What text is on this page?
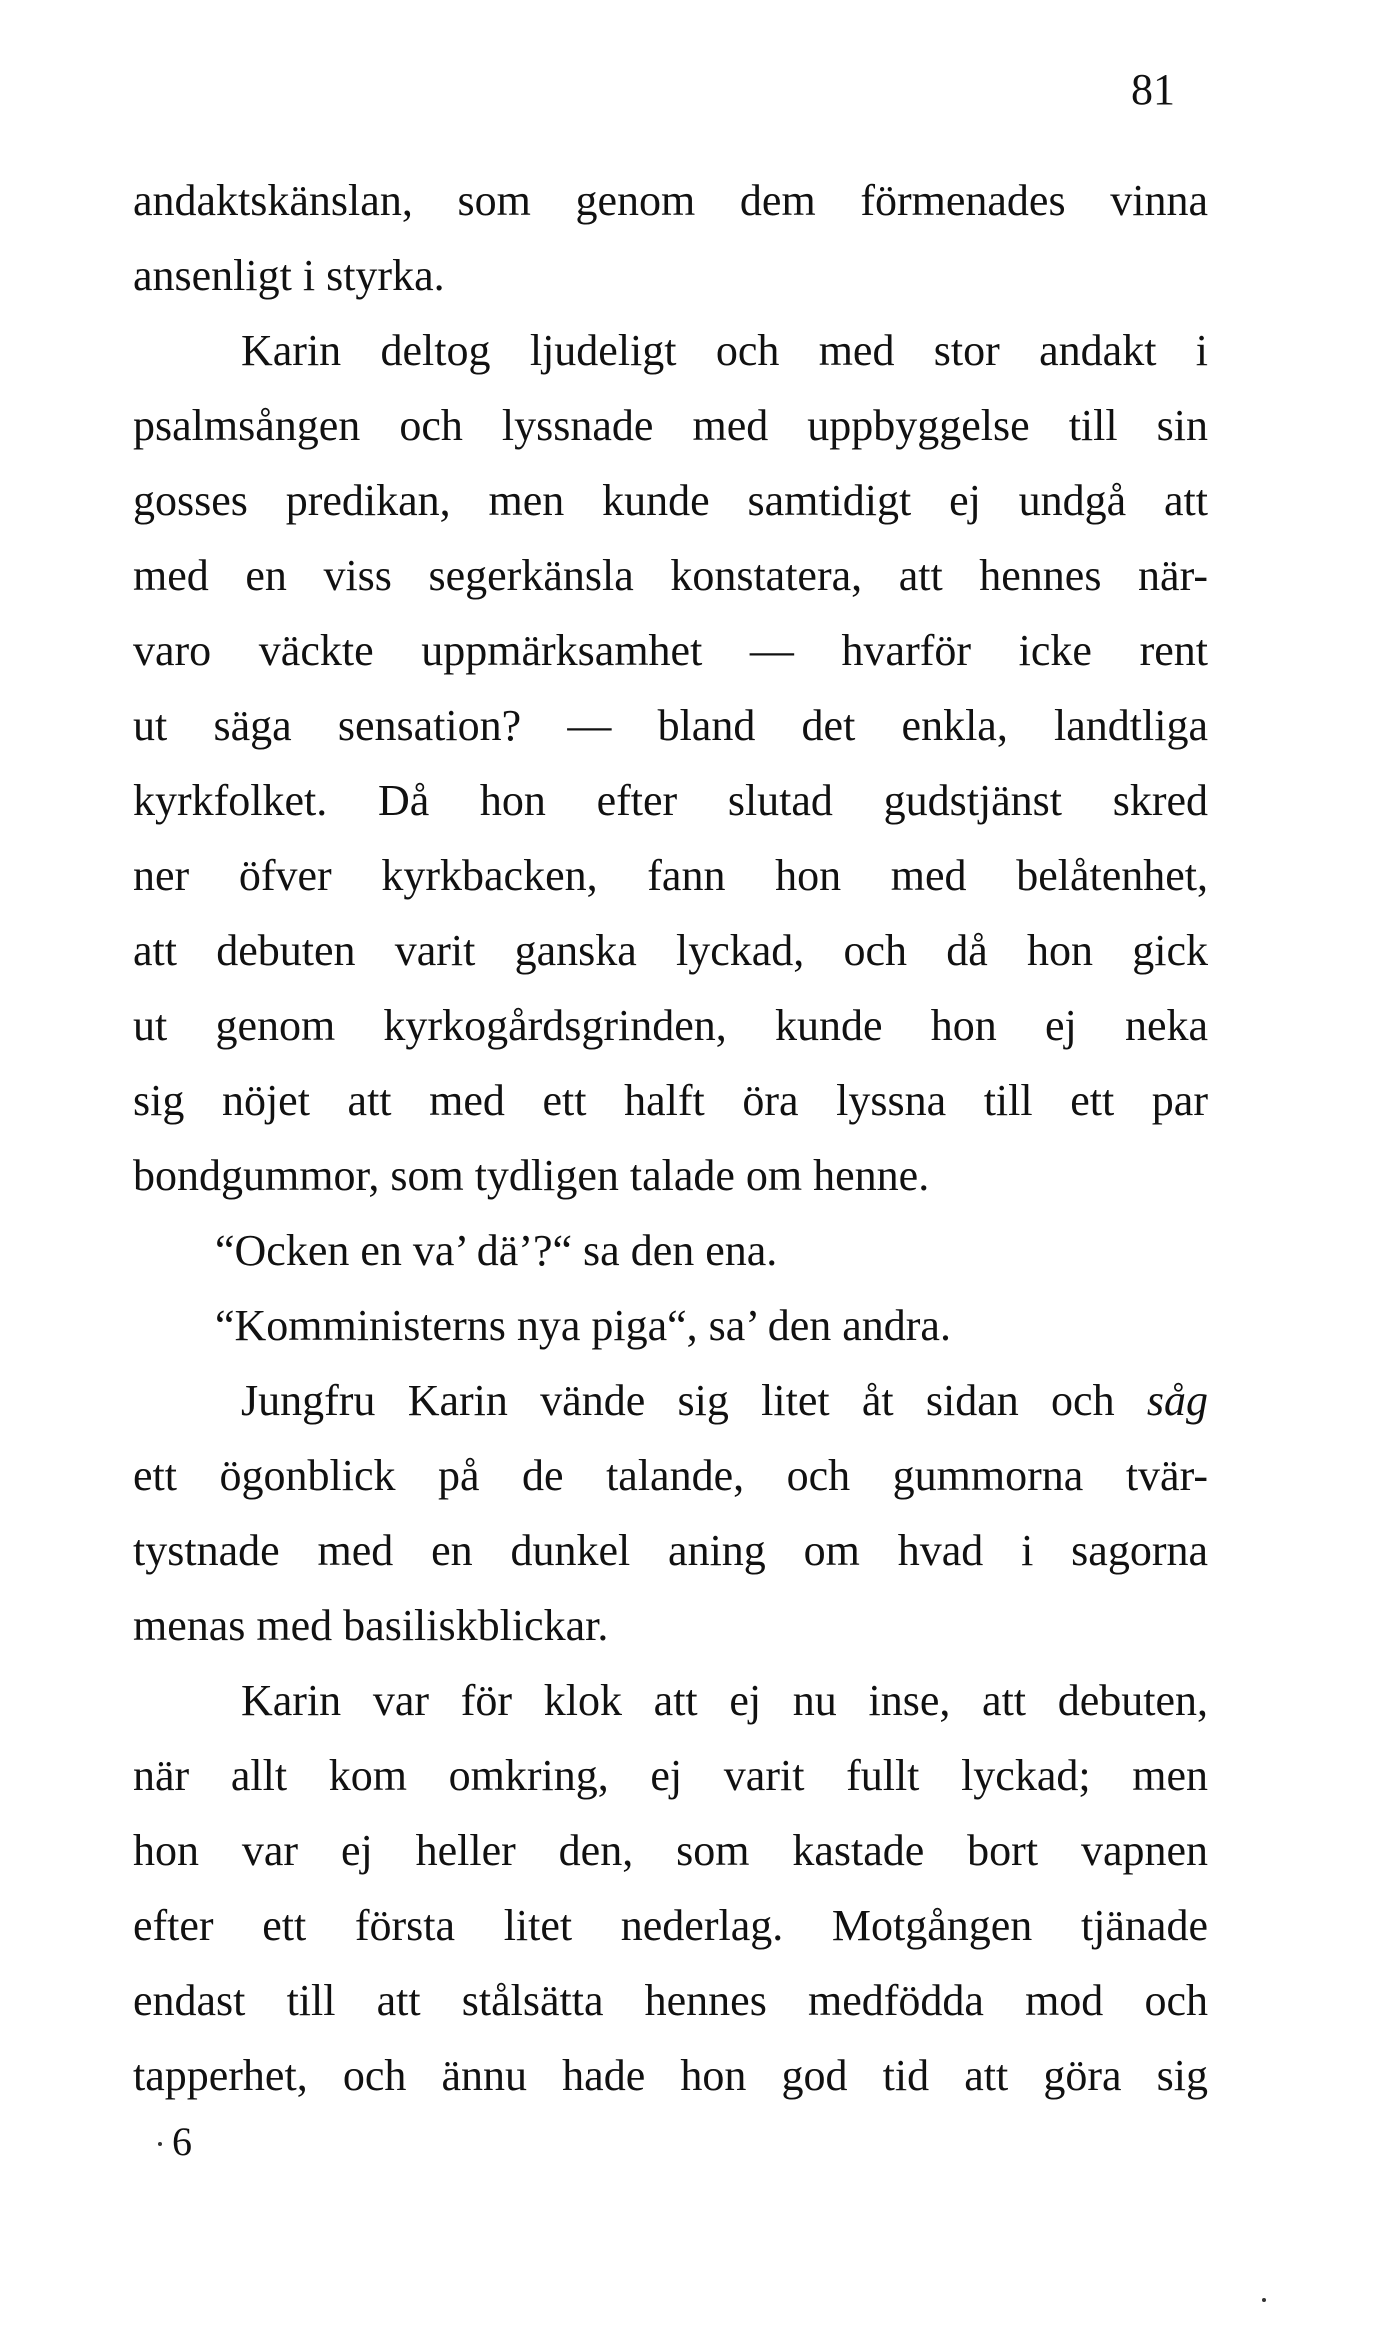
81
andaktskänslan, som genom dem förmenades vinna
ansenligt i styrka.
Karin deltog ljudeligt och med stor andakt i
psalmsången och lyssnade med uppbyggelse till sin
gosses predikan, men kunde samtidigt ej undgå att
med en viss segerkänsla konstatera, att hennes när-
varo väckte uppmärksamhet — hvarför icke rent
ut säga sensation? — bland det enkla, landtliga
kyrkfolket. Då hon efter slutad gudstjänst skred
ner öfver kyrkbacken, fann hon med belåtenhet,
att debuten varit ganska lyckad, och då hon gick
ut genom kyrkogårdsgrinden, kunde hon ej neka
sig nöjet att med ett halft öra lyssna till ett par
bondgummor, som tydligen talade om henne.
“Ocken en va’ dä’?“ sa den ena.
“Komministerns nya piga“, sa’ den andra.
Jungfru Karin vände sig litet åt sidan och såg
ett ögonblick på de talande, och gummorna tvär-
tystnade med en dunkel aning om hvad i sagorna
menas med basiliskblickar.
Karin var för klok att ej nu inse, att debuten,
när allt kom omkring, ej varit fullt lyckad; men
hon var ej heller den, som kastade bort vapnen
efter ett första litet nederlag. Motgången tjänade
endast till att stålsätta hennes medfödda mod och
tapperhet, och ännu hade hon god tid att göra sig
6
